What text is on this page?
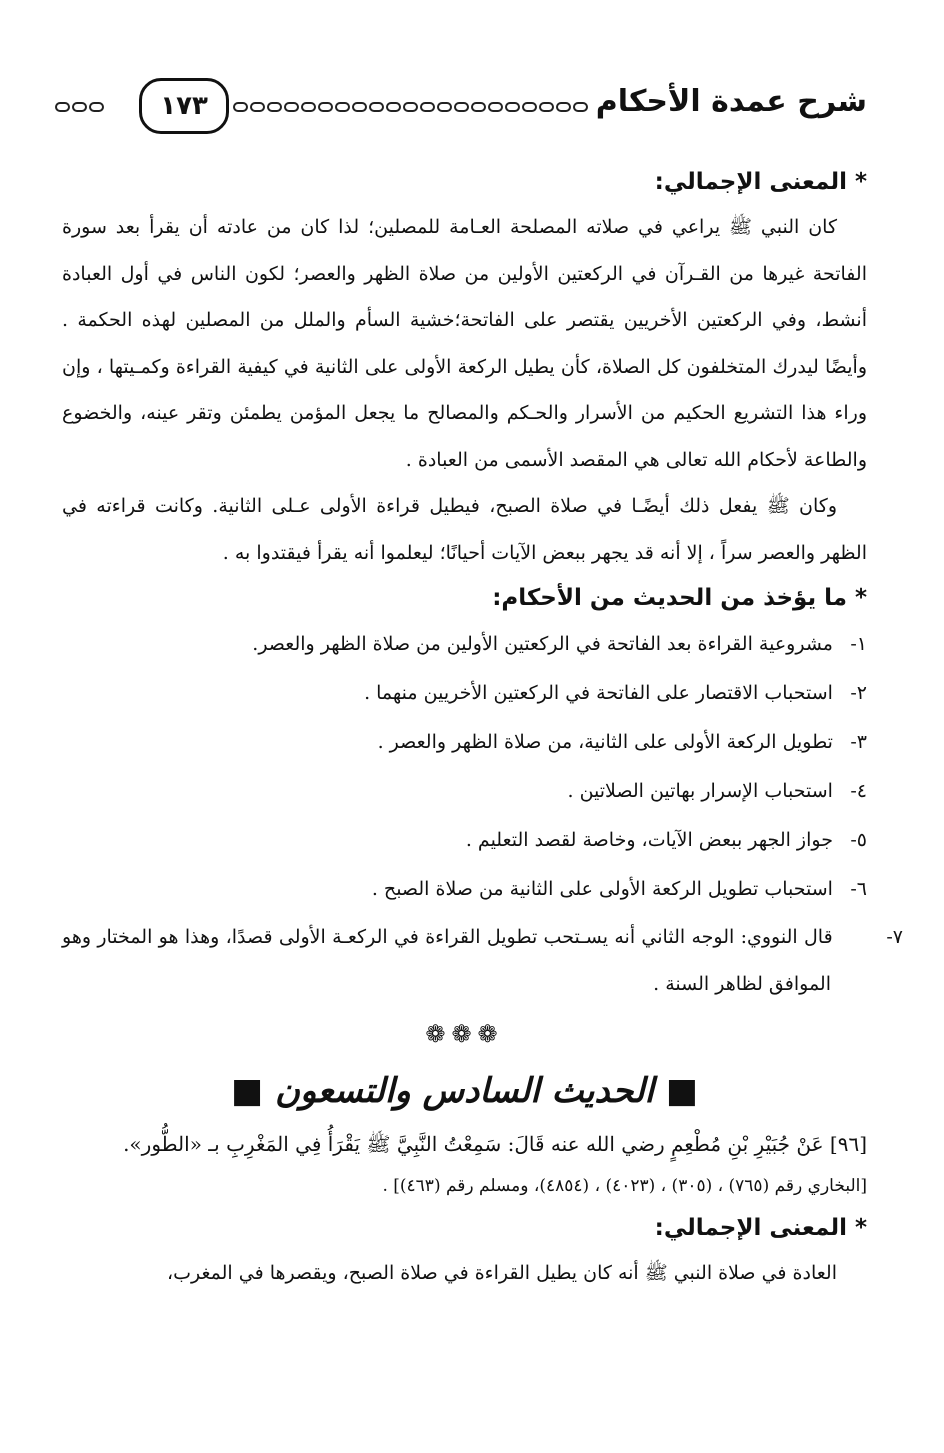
شرح عمدة الأحكام
١٧٣
* المعنى الإجمالي:

كان النبي ﷺ يراعي في صلاته المصلحة العـامة للمصلين؛ لذا كان من عادته أن يقرأ بعد سورة الفاتحة غيرها من القـرآن في الركعتين الأولين من صلاة الظهر والعصر؛ لكون الناس في أول العبادة أنشط، وفي الركعتين الأخريين يقتصر على الفاتحة؛خشية السأم والملل من المصلين لهذه الحكمة . وأيضًا ليدرك المتخلفون كل الصلاة، كأن يطيل الركعة الأولى على الثانية في كيفية القراءة وكمـيتها ، وإن وراء هذا التشريع الحكيم من الأسرار والحـكم والمصالح ما يجعل المؤمن يطمئن وتقر عينه، والخضوع والطاعة لأحكام الله تعالى هي المقصد الأسمى من العبادة .

وكان ﷺ يفعل ذلك أيضًـا في صلاة الصبح، فيطيل قراءة الأولى عـلى الثانية. وكانت قراءته في الظهر والعصر سراً ، إلا أنه قد يجهر ببعض الآيات أحيانًا؛ ليعلموا أنه يقرأ فيقتدوا به .

* ما يؤخذ من الحديث من الأحكام:
١- مشروعية القراءة بعد الفاتحة في الركعتين الأولين من صلاة الظهر والعصر.
٢- استحباب الاقتصار على الفاتحة في الركعتين الأخريين منهما .
٣- تطويل الركعة الأولى على الثانية، من صلاة الظهر والعصر .
٤- استحباب الإسرار بهاتين الصلاتين .
٥- جواز الجهر ببعض الآيات، وخاصة لقصد التعليم .
٦- استحباب تطويل الركعة الأولى على الثانية من صلاة الصبح .
٧- قال النووي: الوجه الثاني أنه يسـتحب تطويل القراءة في الركعـة الأولى قصدًا، وهذا هو المختار وهو الموافق لظاهر السنة .
❁❁❁
■ الحديث السادس والتسعون ■

[٩٦] عَنْ جُبَيْرِ بْنِ مُطْعِمٍ رضي الله عنه قَالَ: سَمِعْتُ النَّبِيَّ ﷺ يَقْرَأُ فِي المَغْرِبِ بـ «الطُّور».

[البخاري رقم (٧٦٥) ، (٣٠٥) ، (٤٠٢٣) ، (٤٨٥٤)، ومسلم رقم (٤٦٣)] .

* المعنى الإجمالي:

العادة في صلاة النبي ﷺ أنه كان يطيل القراءة في صلاة الصبح، ويقصرها في المغرب،
